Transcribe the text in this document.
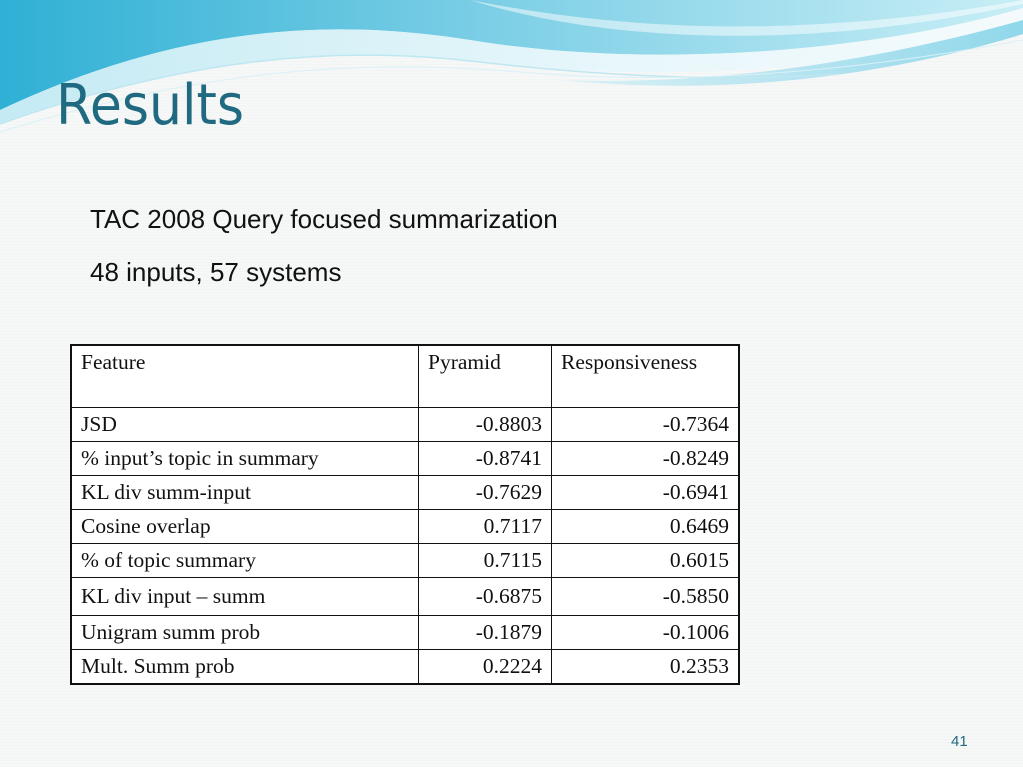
Results
TAC 2008 Query focused summarization
48 inputs, 57 systems
Feature	Pyramid	Responsiveness
JSD	-0.8803	-0.7364
% input’s topic in summary	-0.8741	-0.8249
KL div summ-input	-0.7629	-0.6941
Cosine overlap	0.7117	0.6469
% of topic summary	0.7115	0.6015
KL div input – summ	-0.6875	-0.5850
Unigram summ prob	-0.1879	-0.1006
Mult. Summ prob	0.2224	0.2353
41
